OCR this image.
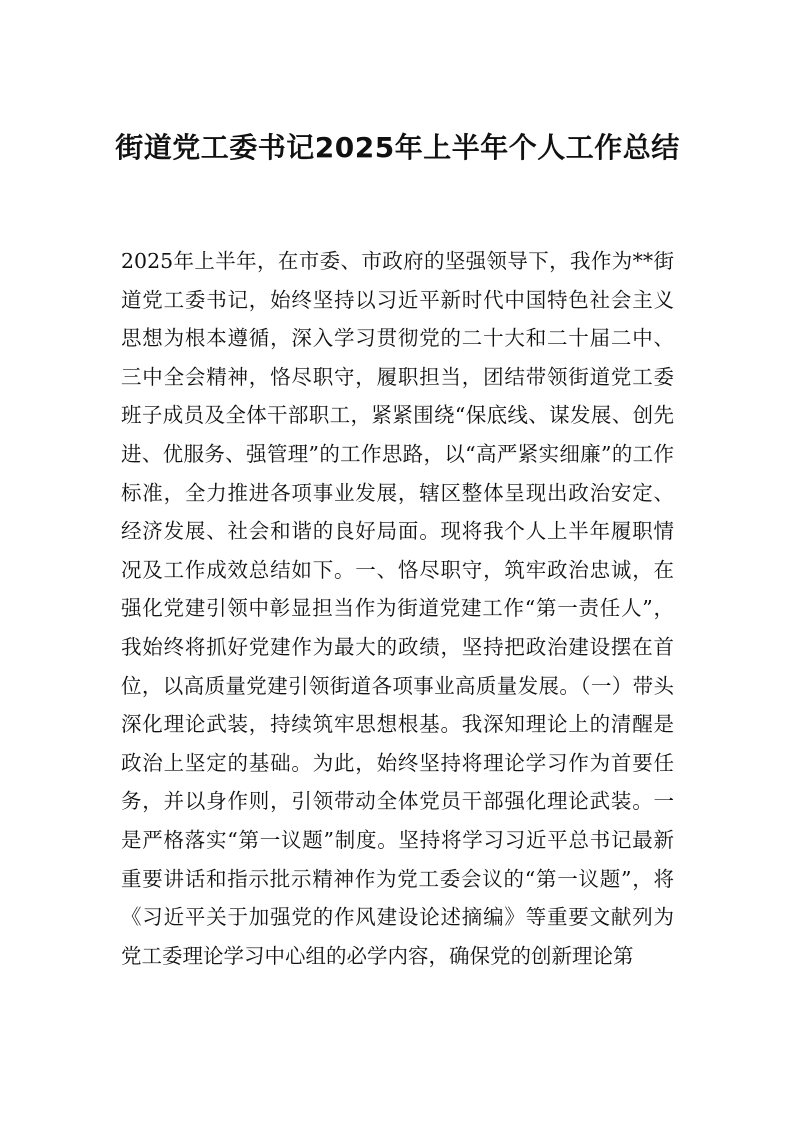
街道党工委书记2025年上半年个人工作总结

2025年上半年，在市委、市政府的坚强领导下，我作为**街道党工委书记，始终坚持以习近平新时代中国特色社会主义思想为根本遵循，深入学习贯彻党的二十大和二十届二中、三中全会精神，恪尽职守，履职担当，团结带领街道党工委班子成员及全体干部职工，紧紧围绕“保底线、谋发展、创先进、优服务、强管理”的工作思路，以“高严紧实细廉”的工作标准，全力推进各项事业发展，辖区整体呈现出政治安定、经济发展、社会和谐的良好局面。现将我个人上半年履职情况及工作成效总结如下。一、恪尽职守，筑牢政治忠诚，在强化党建引领中彰显担当作为街道党建工作“第一责任人”，我始终将抓好党建作为最大的政绩，坚持把政治建设摆在首位，以高质量党建引领街道各项事业高质量发展。（一）带头深化理论武装，持续筑牢思想根基。我深知理论上的清醒是政治上坚定的基础。为此，始终坚持将理论学习作为首要任务，并以身作则，引领带动全体党员干部强化理论武装。一是严格落实“第一议题”制度。坚持将学习习近平总书记最新重要讲话和指示批示精神作为党工委会议的“第一议题”，将《习近平关于加强党的作风建设论述摘编》等重要文献列为党工委理论学习中心组的必学内容，确保党的创新理论第
